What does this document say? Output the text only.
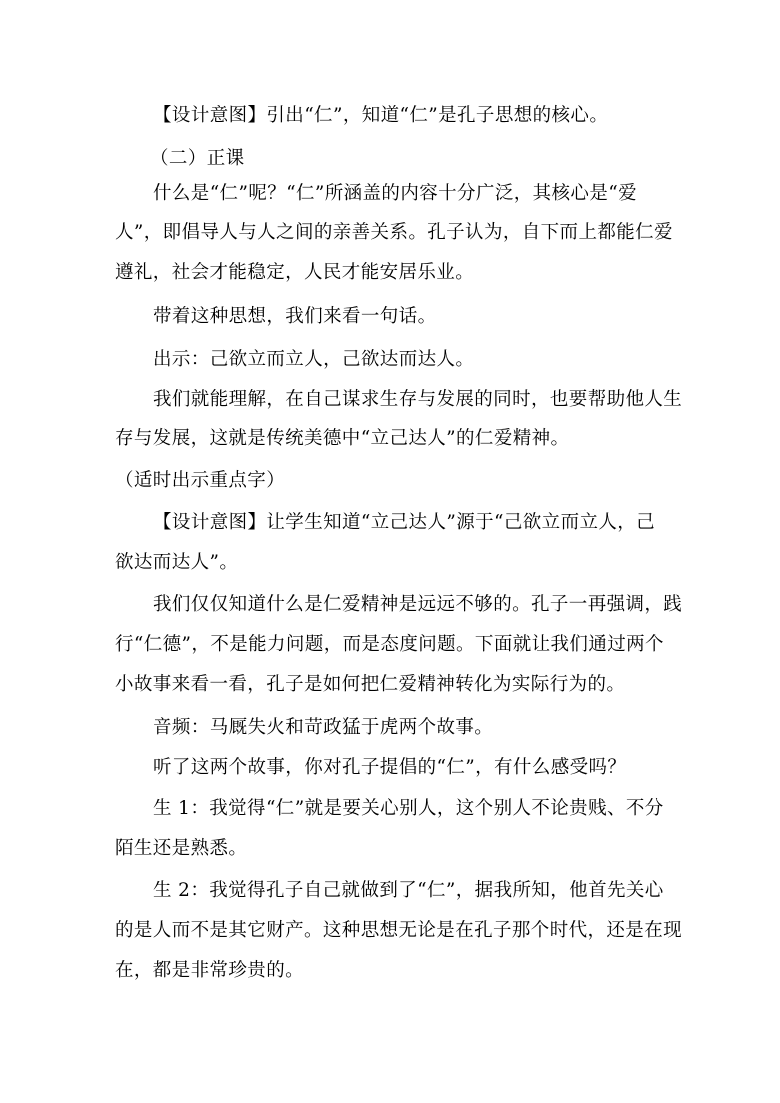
【设计意图】引出“仁”，知道“仁”是孔子思想的核心。
（二）正课
什么是“仁”呢？“仁”所涵盖的内容十分广泛，其核心是“爱
人”，即倡导人与人之间的亲善关系。孔子认为，自下而上都能仁爱
遵礼，社会才能稳定，人民才能安居乐业。
带着这种思想，我们来看一句话。
出示：己欲立而立人，己欲达而达人。
我们就能理解，在自己谋求生存与发展的同时，也要帮助他人生
存与发展，这就是传统美德中“立己达人”的仁爱精神。
（适时出示重点字）
【设计意图】让学生知道“立己达人”源于“己欲立而立人，己
欲达而达人”。
我们仅仅知道什么是仁爱精神是远远不够的。孔子一再强调，践
行“仁德”，不是能力问题，而是态度问题。下面就让我们通过两个
小故事来看一看，孔子是如何把仁爱精神转化为实际行为的。
音频：马厩失火和苛政猛于虎两个故事。
听了这两个故事，你对孔子提倡的“仁”，有什么感受吗？
生 1：我觉得“仁”就是要关心别人，这个别人不论贵贱、不分
陌生还是熟悉。
生 2：我觉得孔子自己就做到了“仁”，据我所知，他首先关心
的是人而不是其它财产。这种思想无论是在孔子那个时代，还是在现
在，都是非常珍贵的。
